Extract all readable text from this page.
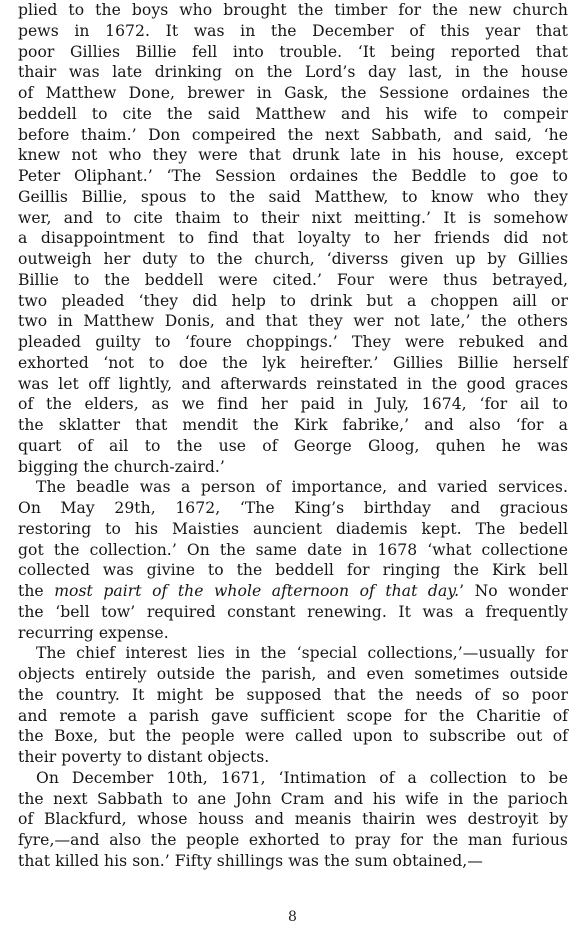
plied to the boys who brought the timber for the new church
pews in 1672. It was in the December of this year that
poor Gillies Billie fell into trouble. ‘It being reported that
thair was late drinking on the Lord’s day last, in the house
of Matthew Done, brewer in Gask, the Sessione ordaines the
beddell to cite the said Matthew and his wife to compeir
before thaim.’ Don compeired the next Sabbath, and said, ‘he
knew not who they were that drunk late in his house, except
Peter Oliphant.’ ‘The Session ordaines the Beddle to goe to
Geillis Billie, spous to the said Matthew, to know who they
wer, and to cite thaim to their nixt meitting.’ It is somehow
a disappointment to find that loyalty to her friends did not
outweigh her duty to the church, ‘diverss given up by Gillies
Billie to the beddell were cited.’ Four were thus betrayed,
two pleaded ‘they did help to drink but a choppen aill or
two in Matthew Donis, and that they wer not late,’ the others
pleaded guilty to ‘foure choppings.’ They were rebuked and
exhorted ‘not to doe the lyk heirefter.’ Gillies Billie herself
was let off lightly, and afterwards reinstated in the good graces
of the elders, as we find her paid in July, 1674, ‘for ail to
the sklatter that mendit the Kirk fabrike,’ and also ‘for a
quart of ail to the use of George Gloog, quhen he was
bigging the church-zaird.’
The beadle was a person of importance, and varied services.
On May 29th, 1672, ‘The King’s birthday and gracious
restoring to his Maisties auncient diademis kept. The bedell
got the collection.’ On the same date in 1678 ‘what collectione
collected was givine to the beddell for ringing the Kirk bell
the most pairt of the whole afternoon of that day.’ No wonder
the ‘bell tow’ required constant renewing. It was a frequently
recurring expense.
The chief interest lies in the ‘special collections,’—usually for
objects entirely outside the parish, and even sometimes outside
the country. It might be supposed that the needs of so poor
and remote a parish gave sufficient scope for the Charitie of
the Boxe, but the people were called upon to subscribe out of
their poverty to distant objects.
On December 10th, 1671, ‘Intimation of a collection to be
the next Sabbath to ane John Cram and his wife in the parioch
of Blackfurd, whose houss and meanis thairin wes destroyit by
fyre,—and also the people exhorted to pray for the man furious
that killed his son.’ Fifty shillings was the sum obtained,—
8
